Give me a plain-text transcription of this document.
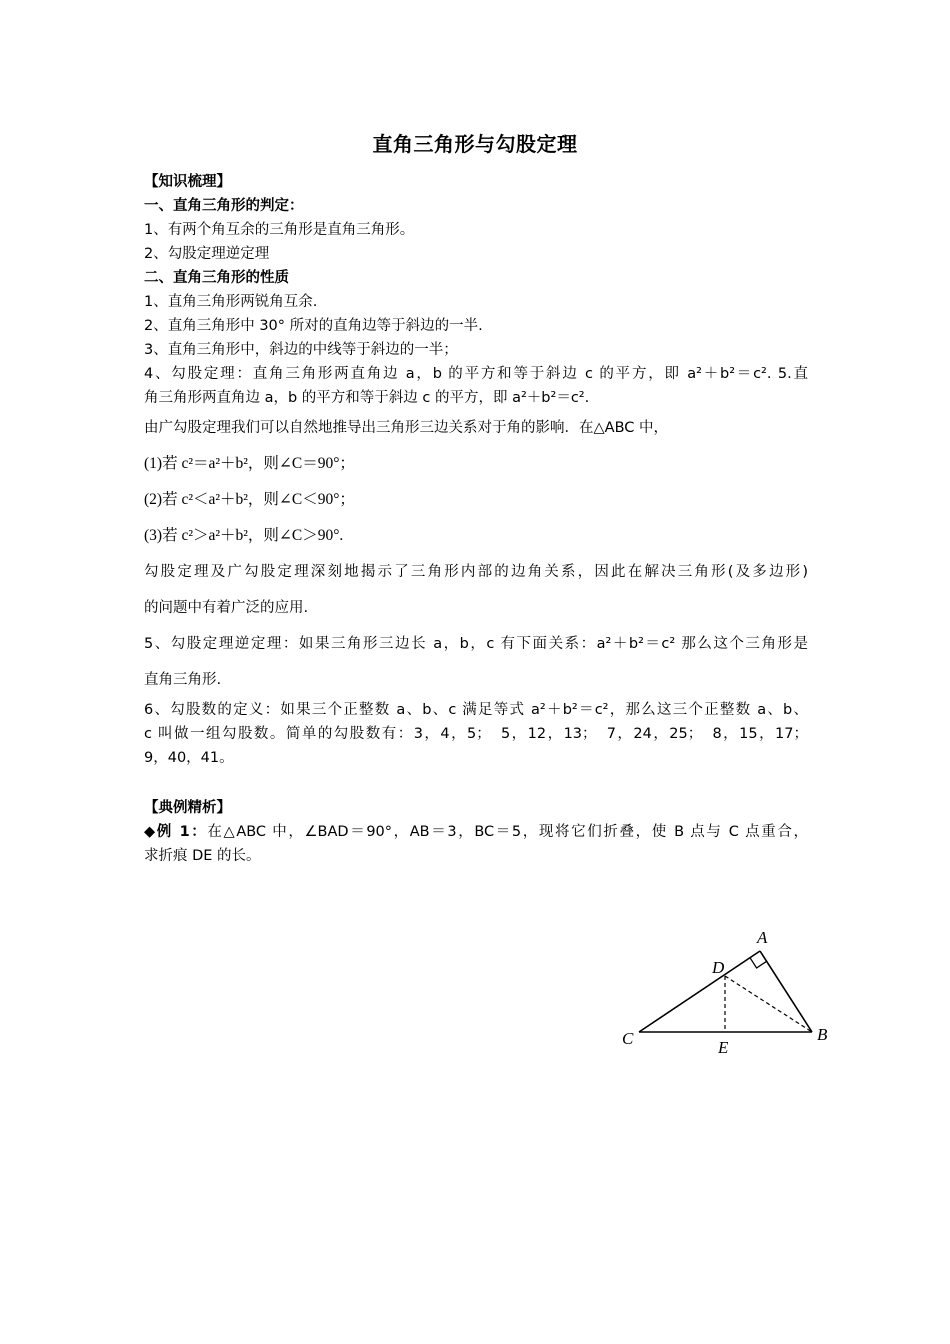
直角三角形与勾股定理

【知识梳理】

一、直角三角形的判定：

1、有两个角互余的三角形是直角三角形。

2、勾股定理逆定理

二、直角三角形的性质

1、直角三角形两锐角互余.

2、直角三角形中 30° 所对的直角边等于斜边的一半.

3、直角三角形中，斜边的中线等于斜边的一半；

4、勾股定理：直角三角形两直角边 a，b 的平方和等于斜边 c 的平方，即 a²＋b²＝c². 5.直

角三角形两直角边 a，b 的平方和等于斜边 c 的平方，即 a²＋b²＝c².

由广勾股定理我们可以自然地推导出三角形三边关系对于角的影响．在△ABC 中，

(1)若 c²＝a²＋b²，则∠C＝90°；

(2)若 c²＜a²＋b²，则∠C＜90°；

(3)若 c²＞a²＋b²，则∠C＞90°.

勾股定理及广勾股定理深刻地揭示了三角形内部的边角关系，因此在解决三角形(及多边形)

的问题中有着广泛的应用.

5、勾股定理逆定理：如果三角形三边长 a，b，c 有下面关系：a²＋b²＝c² 那么这个三角形是

直角三角形.

6、勾股数的定义：如果三个正整数 a、b、c 满足等式 a²＋b²＝c²，那么这三个正整数 a、b、

c 叫做一组勾股数。简单的勾股数有：3，4，5；　5，12，13；　7，24，25；　8，15，17；

9，40，41。

【典例精析】

◆例 1：在△ABC 中，∠BAD＝90°，AB＝3，BC＝5，现将它们折叠，使 B 点与 C 点重合，

求折痕 DE 的长。

A
D
C	B
E
